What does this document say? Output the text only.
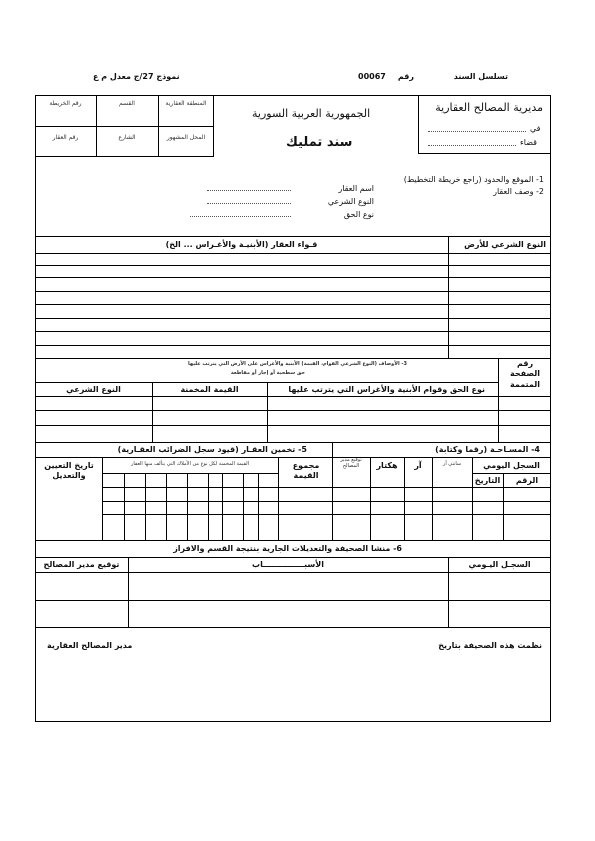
تسلسل السند
رقم
00067
نموذج 27/ج معدل م ع
مديرية المصالح العقارية
في
قضاء
الجمهورية العربية السورية
سند تمليك
المنطقة العقارية
القسم
رقم الخريطة
المحل المشهور
الشارع
رقم العقار
1- الموقع والحدود (راجع خريطة التخطيط)
2- وصف العقار
اسم العقار
النوع الشرعي
نوع الحق
قـواء العقار (الأبنيـة والأغـراس ... الخ)	النوع الشرعي للأرض
3- الأوصاف (النوع الشرعي القوام، القيمة) الأبنية والأغراس على الأرض التي يترتب عليها
حق سطحية أو إجار أو مقاطعة
رقم الصفحة المتممة
نوع الحق وقوام الأبنية والأغراس التي يترتب عليها
القيمة المخمنة
النوع الشرعي
4- المسـاحـة (رقما وكتابة)
5- تخمين العقـار (قيود سجل الضرائب العقـارية)
السجل اليومي
الرقم
التاريخ
سانتي آر
آر
هكتار
توقيع مدير المصالح
تاريخ التعيين والتعديل
مجموع القيمة
القيمة المخمنة لكل نوع من الأملاك التي يتألف منها العقار
6- منشا الصحيفة والتعديلات الجارية بنتيجة القسم والافراز
السجـل اليـومي
الأسبـــــــــــــــاب
توقيع مدير المصالح
نظمت هذه الصحيفة بتاريخ
مدير المصالح العقارية
